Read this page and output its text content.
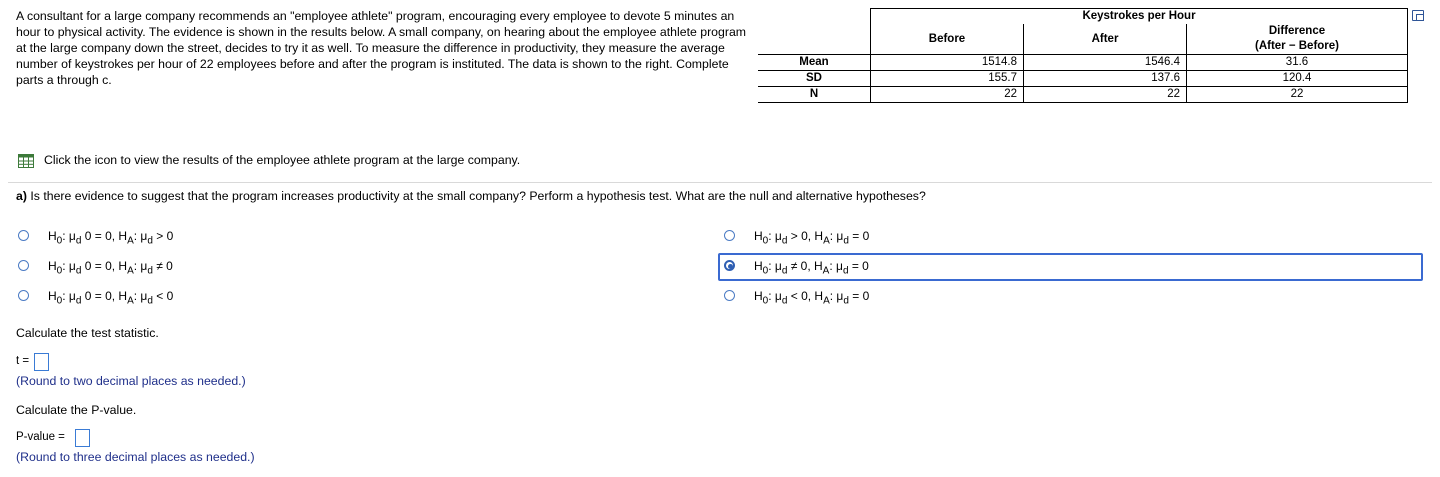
A consultant for a large company recommends an "employee athlete" program, encouraging every employee to devote 5 minutes an hour to physical activity. The evidence is shown in the results below. A small company, on hearing about the employee athlete program at the large company down the street, decides to try it as well. To measure the difference in productivity, they measure the average number of keystrokes per hour of 22 employees before and after the program is instituted. The data is shown to the right. Complete parts a through c.
	Keystrokes per Hour		
	Before	After	Difference
(After − Before)

Mean	1514.8	1546.4	31.6
SD	155.7	137.6	120.4
N	22	22	22
Click the icon to view the results of the employee athlete program at the large company.
a) Is there evidence to suggest that the program increases productivity at the small company? Perform a hypothesis test. What are the null and alternative hypotheses?
$H_0$: $\mu_d$ 0 = 0, $H_A$: $\mu_d > 0$
$H_0$: $\mu_d$ 0 = 0, $H_A$: $\mu_d \ne 0$
$H_0$: $\mu_d$ 0 = 0, $H_A$: $\mu_d < 0$
$H_0$: $\mu_d > 0$, $H_A$: $\mu_d = 0$
$H_0$: $\mu_d \ne 0$, $H_A$: $\mu_d = 0$
$H_0$: $\mu_d < 0$, $H_A$: $\mu_d = 0$
Calculate the test statistic.
t =
(Round to two decimal places as needed.)
Calculate the P-value.
P-value =
(Round to three decimal places as needed.)
